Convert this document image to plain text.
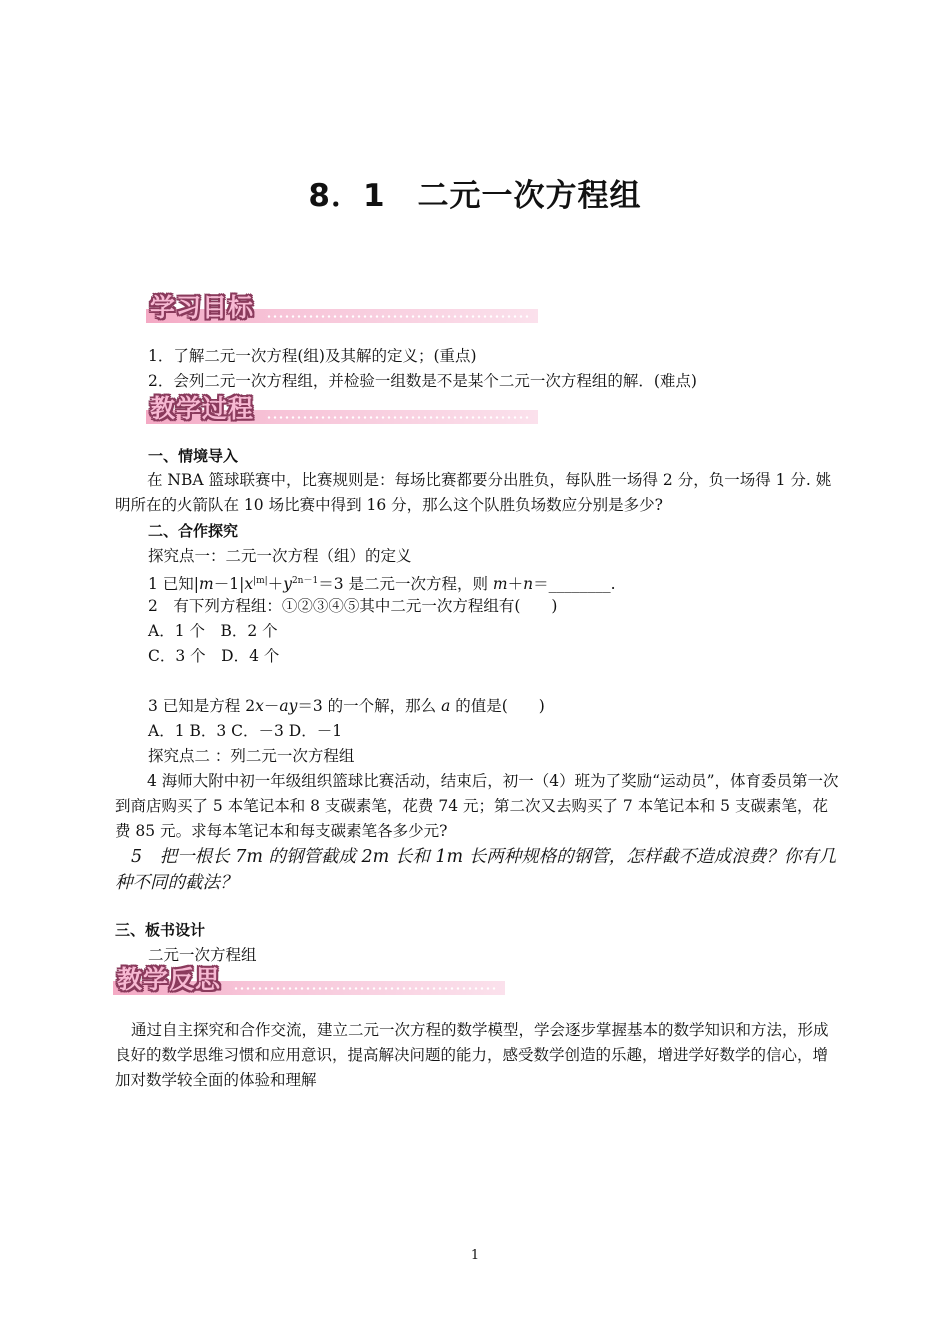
8．1　二元一次方程组
学习目标
1．了解二元一次方程(组)及其解的定义；(重点)
2．会列二元一次方程组，并检验一组数是不是某个二元一次方程组的解．(难点)
教学过程
一、情境导入
在 NBA 篮球联赛中，比赛规则是：每场比赛都要分出胜负，每队胜一场得 2 分，负一场得 1 分. 姚明所在的火箭队在 10 场比赛中得到 16 分，那么这个队胜负场数应分别是多少?
二、合作探究
探究点一：二元一次方程（组）的定义
1 已知$|m-1|x^{|m|}+y^{2n-1}=3$ 是二元一次方程，则 m＋n＝________.
2　有下列方程组：①②③④⑤其中二元一次方程组有(　　)
A．1 个　B．2 个
C．3 个　D．4 个
3 已知是方程 2x－ay＝3 的一个解，那么 a 的值是(　　)
A．1 B．3 C．－3 D．－1
探究点二 ：列二元一次方程组
4 海师大附中初一年级组织篮球比赛活动，结束后，初一（4）班为了奖励“运动员”，体育委员第一次到商店购买了 5 本笔记本和 8 支碳素笔，花费 74 元；第二次又去购买了 7 本笔记本和 5 支碳素笔，花费 85 元。求每本笔记本和每支碳素笔各多少元?
5　把一根长 7m 的钢管截成 2m 长和 1m 长两种规格的钢管，怎样截不造成浪费？你有几种不同的截法？
三、板书设计
二元一次方程组
教学反思
通过自主探究和合作交流，建立二元一次方程的数学模型，学会逐步掌握基本的数学知识和方法，形成良好的数学思维习惯和应用意识，提高解决问题的能力，感受数学创造的乐趣，增进学好数学的信心，增加对数学较全面的体验和理解
1
